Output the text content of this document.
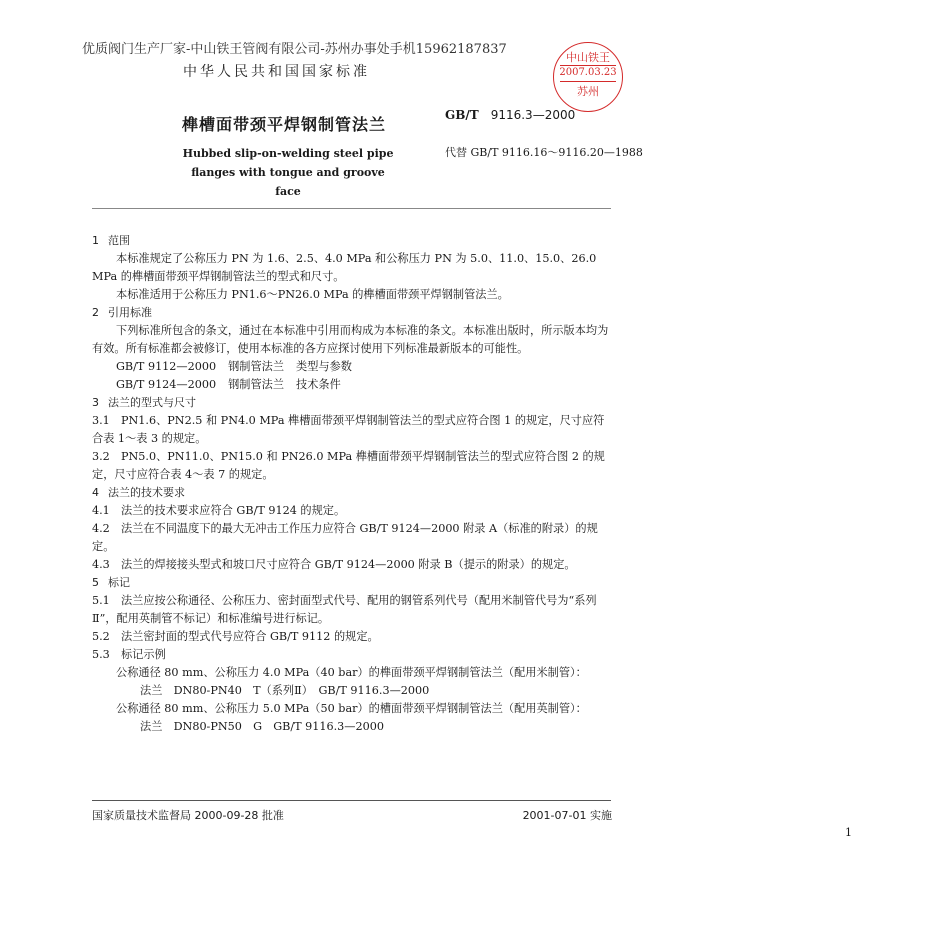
优质阀门生产厂家-中山铁王管阀有限公司-苏州办事处手机15962187837
中华人民共和国国家标准
中山铁王
2007.03.23
苏州
榫槽面带颈平焊钢制管法兰	GB/T 9116.3—2000
Hubbed slip-on-welding steel pipe flanges with tongue and groove face
代替 GB/T 9116.16～9116.20—1988

1 范围

本标准规定了公称压力 PN 为 1.6、2.5、4.0 MPa 和公称压力 PN 为 5.0、11.0、15.0、26.0 MPa 的榫槽面带颈平焊钢制管法兰的型式和尺寸。

本标准适用于公称压力 PN1.6～PN26.0 MPa 的榫槽面带颈平焊钢制管法兰。

2 引用标准

下列标准所包含的条文，通过在本标准中引用而构成为本标准的条文。本标准出版时，所示版本均为有效。所有标准都会被修订，使用本标准的各方应探讨使用下列标准最新版本的可能性。

GB/T 9112—2000 钢制管法兰 类型与参数

GB/T 9124—2000 钢制管法兰 技术条件

3 法兰的型式与尺寸

3.1　PN1.6、PN2.5 和 PN4.0 MPa 榫槽面带颈平焊钢制管法兰的型式应符合图 1 的规定，尺寸应符合表 1～表 3 的规定。

3.2　PN5.0、PN11.0、PN15.0 和 PN26.0 MPa 榫槽面带颈平焊钢制管法兰的型式应符合图 2 的规定，尺寸应符合表 4～表 7 的规定。

4 法兰的技术要求

4.1　法兰的技术要求应符合 GB/T 9124 的规定。

4.2　法兰在不同温度下的最大无冲击工作压力应符合 GB/T 9124—2000 附录 A（标准的附录）的规定。

4.3　法兰的焊接接头型式和坡口尺寸应符合 GB/T 9124—2000 附录 B（提示的附录）的规定。

5 标记

5.1　法兰应按公称通径、公称压力、密封面型式代号、配用的钢管系列代号（配用米制管代号为“系列Ⅱ”，配用英制管不标记）和标准编号进行标记。

5.2　法兰密封面的型式代号应符合 GB/T 9112 的规定。

5.3　标记示例

公称通径 80 mm、公称压力 4.0 MPa（40 bar）的榫面带颈平焊钢制管法兰（配用米制管）：

法兰　DN80-PN40　T（系列Ⅱ）　GB/T 9116.3—2000

公称通径 80 mm、公称压力 5.0 MPa（50 bar）的槽面带颈平焊钢制管法兰（配用英制管）：

法兰　DN80-PN50　G　GB/T 9116.3—2000

国家质量技术监督局 2000-09-28 批准	2001-07-01 实施
1
